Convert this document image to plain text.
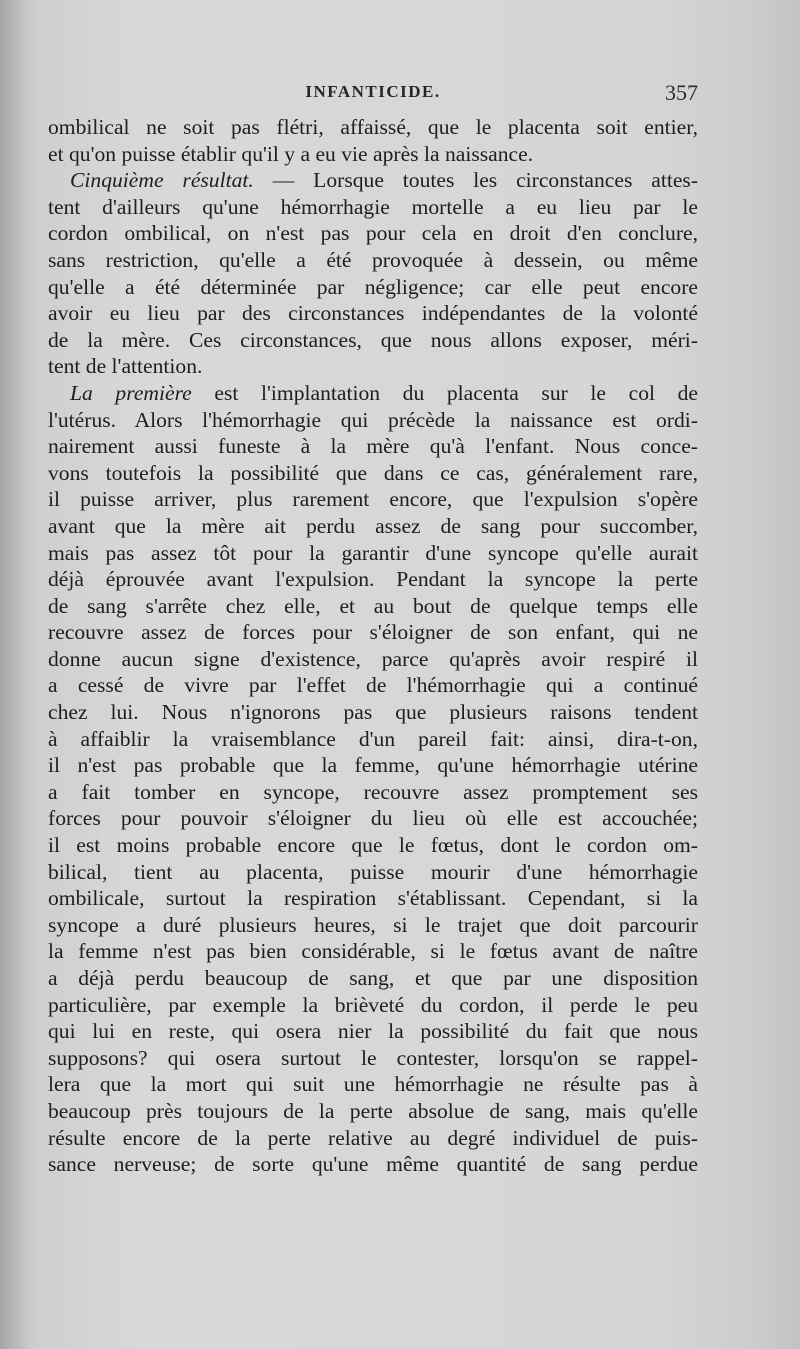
INFANTICIDE.	357
ombilical ne soit pas flétri, affaissé, que le placenta soit entier,
et qu'on puisse établir qu'il y a eu vie après la naissance.
Cinquième résultat. — Lorsque toutes les circonstances attes-
tent d'ailleurs qu'une hémorrhagie mortelle a eu lieu par le
cordon ombilical, on n'est pas pour cela en droit d'en conclure,
sans restriction, qu'elle a été provoquée à dessein, ou même
qu'elle a été déterminée par négligence; car elle peut encore
avoir eu lieu par des circonstances indépendantes de la volonté
de la mère. Ces circonstances, que nous allons exposer, méri-
tent de l'attention.
La première est l'implantation du placenta sur le col de
l'utérus. Alors l'hémorrhagie qui précède la naissance est ordi-
nairement aussi funeste à la mère qu'à l'enfant. Nous conce-
vons toutefois la possibilité que dans ce cas, généralement rare,
il puisse arriver, plus rarement encore, que l'expulsion s'opère
avant que la mère ait perdu assez de sang pour succomber,
mais pas assez tôt pour la garantir d'une syncope qu'elle aurait
déjà éprouvée avant l'expulsion. Pendant la syncope la perte
de sang s'arrête chez elle, et au bout de quelque temps elle
recouvre assez de forces pour s'éloigner de son enfant, qui ne
donne aucun signe d'existence, parce qu'après avoir respiré il
a cessé de vivre par l'effet de l'hémorrhagie qui a continué
chez lui. Nous n'ignorons pas que plusieurs raisons tendent
à affaiblir la vraisemblance d'un pareil fait: ainsi, dira-t-on,
il n'est pas probable que la femme, qu'une hémorrhagie utérine
a fait tomber en syncope, recouvre assez promptement ses
forces pour pouvoir s'éloigner du lieu où elle est accouchée;
il est moins probable encore que le fœtus, dont le cordon om-
bilical, tient au placenta, puisse mourir d'une hémorrhagie
ombilicale, surtout la respiration s'établissant. Cependant, si la
syncope a duré plusieurs heures, si le trajet que doit parcourir
la femme n'est pas bien considérable, si le fœtus avant de naître
a déjà perdu beaucoup de sang, et que par une disposition
particulière, par exemple la brièveté du cordon, il perde le peu
qui lui en reste, qui osera nier la possibilité du fait que nous
supposons? qui osera surtout le contester, lorsqu'on se rappel-
lera que la mort qui suit une hémorrhagie ne résulte pas à
beaucoup près toujours de la perte absolue de sang, mais qu'elle
résulte encore de la perte relative au degré individuel de puis-
sance nerveuse; de sorte qu'une même quantité de sang perdue
